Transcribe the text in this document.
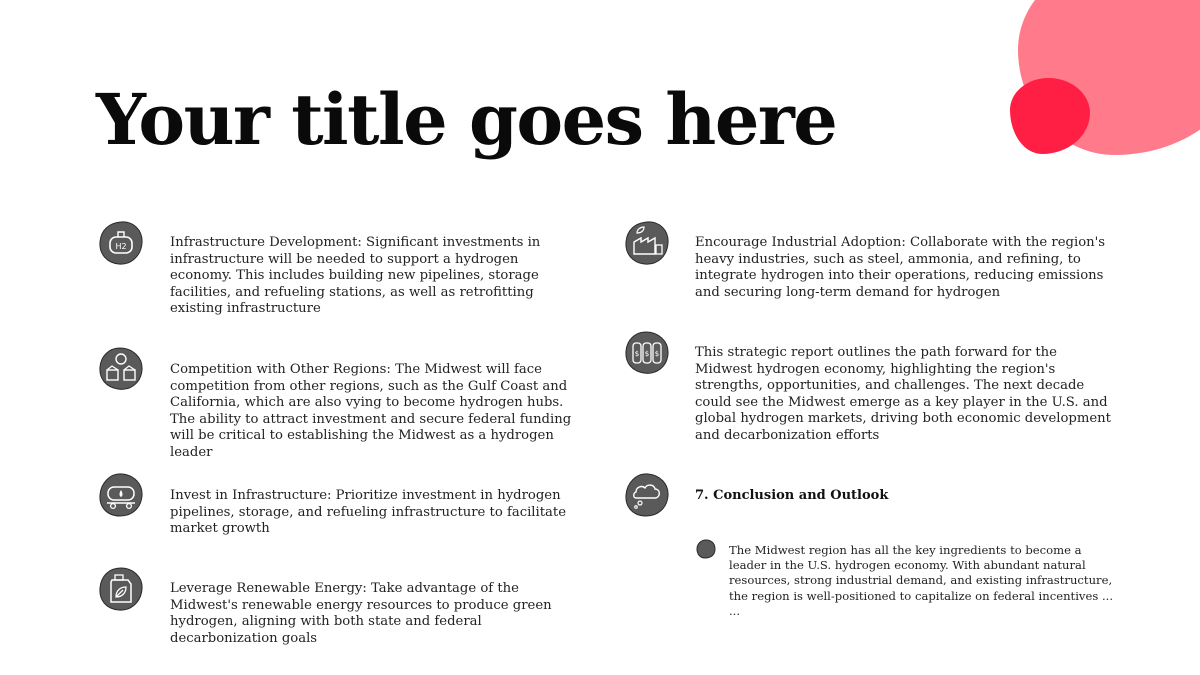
Your title goes here
H2	Infrastructure Development: Significant investments in infrastructure will be needed to support a hydrogen economy. This includes building new pipelines, storage facilities, and refueling stations, as well as retrofitting existing infrastructure
Competition with Other Regions: The Midwest will face competition from other regions, such as the Gulf Coast and California, which are also vying to become hydrogen hubs. The ability to attract investment and secure federal funding will be critical to establishing the Midwest as a hydrogen leader
Invest in Infrastructure: Prioritize investment in hydrogen pipelines, storage, and refueling infrastructure to facilitate market growth
Leverage Renewable Energy: Take advantage of the Midwest's renewable energy resources to produce green hydrogen, aligning with both state and federal decarbonization goals
Encourage Industrial Adoption: Collaborate with the region's heavy industries, such as steel, ammonia, and refining, to integrate hydrogen into their operations, reducing emissions and securing long-term demand for hydrogen
$ $ $	This strategic report outlines the path forward for the Midwest hydrogen economy, highlighting the region's strengths, opportunities, and challenges. The next decade could see the Midwest emerge as a key player in the U.S. and global hydrogen markets, driving both economic development and decarbonization efforts
7. Conclusion and Outlook
The Midwest region has all the key ingredients to become a leader in the U.S. hydrogen economy. With abundant natural resources, strong industrial demand, and existing infrastructure, the region is well-positioned to capitalize on federal incentives ... ...
